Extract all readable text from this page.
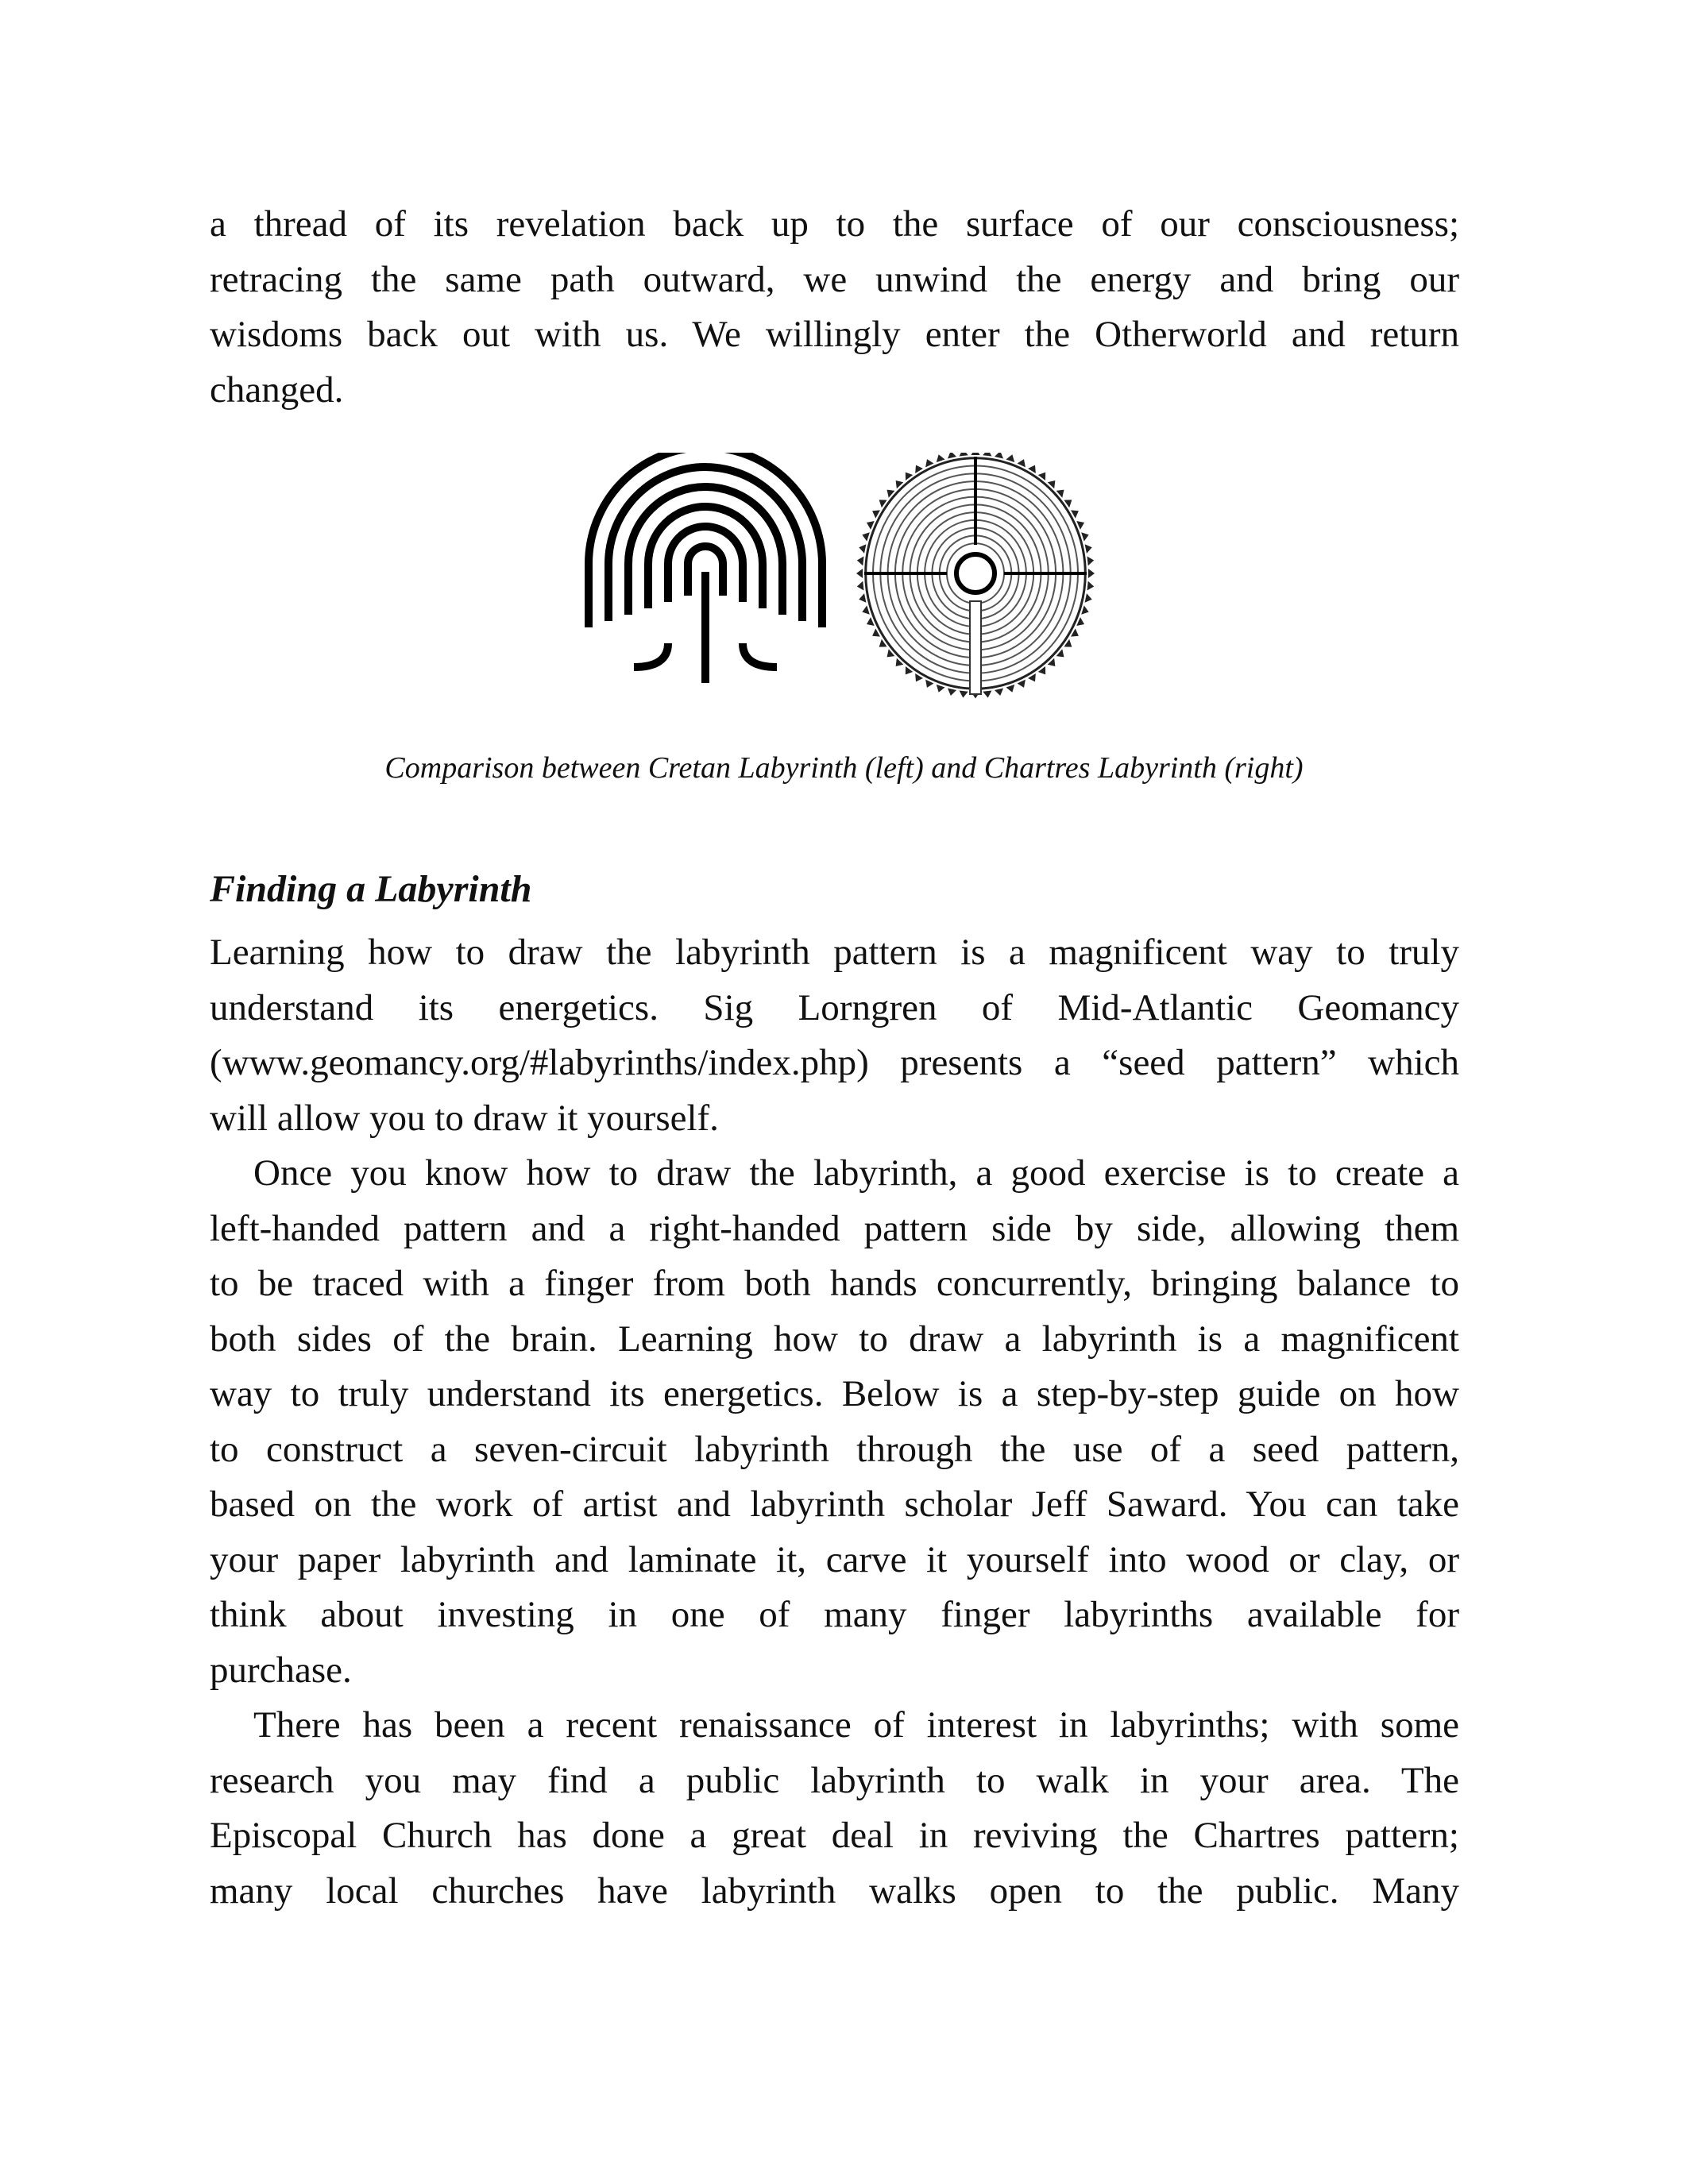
a thread of its revelation back up to the surface of our consciousness;
retracing the same path outward, we unwind the energy and bring our
wisdoms back out with us. We willingly enter the Otherworld and return
changed.
Comparison between Cretan Labyrinth (left) and Chartres Labyrinth (right)
Finding a Labyrinth
Learning how to draw the labyrinth pattern is a magnificent way to truly
understand its energetics. Sig Lorngren of Mid-Atlantic Geomancy
(www.geomancy.org/#labyrinths/index.php) presents a “seed pattern” which
will allow you to draw it yourself.
Once you know how to draw the labyrinth, a good exercise is to create a
left-handed pattern and a right-handed pattern side by side, allowing them
to be traced with a finger from both hands concurrently, bringing balance to
both sides of the brain. Learning how to draw a labyrinth is a magnificent
way to truly understand its energetics. Below is a step-by-step guide on how
to construct a seven-circuit labyrinth through the use of a seed pattern,
based on the work of artist and labyrinth scholar Jeff Saward. You can take
your paper labyrinth and laminate it, carve it yourself into wood or clay, or
think about investing in one of many finger labyrinths available for
purchase.
There has been a recent renaissance of interest in labyrinths; with some
research you may find a public labyrinth to walk in your area. The
Episcopal Church has done a great deal in reviving the Chartres pattern;
many local churches have labyrinth walks open to the public. Many
